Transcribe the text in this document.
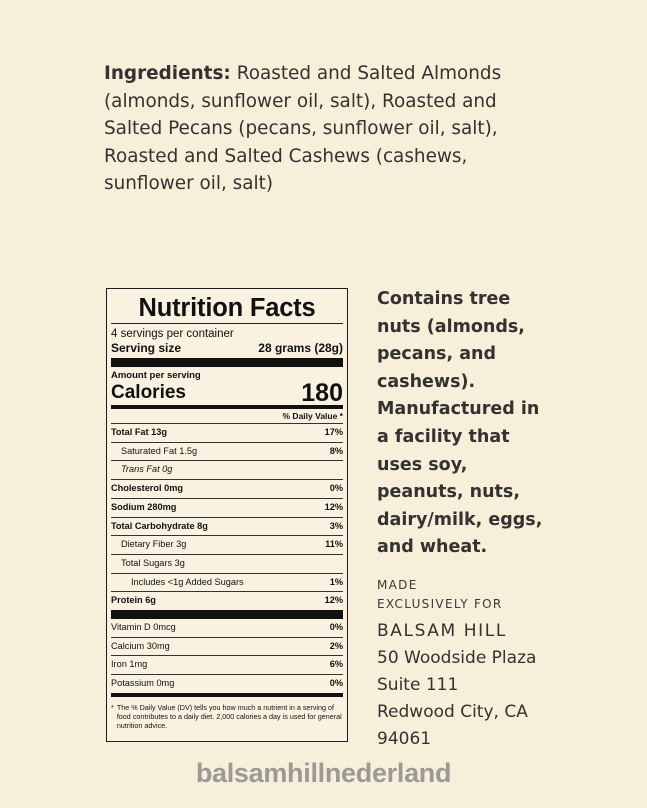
Ingredients: Roasted and Salted Almonds (almonds, sunflower oil, salt), Roasted and Salted Pecans (pecans, sunflower oil, salt), Roasted and Salted Cashews (cashews, sunflower oil, salt)
Nutrition Facts
4 servings per container
Serving size	28 grams (28g)
Amount per serving
Calories	180
% Daily Value *
Total Fat 13g	17%
Saturated Fat 1.5g	8%
Trans Fat 0g
Cholesterol 0mg	0%
Sodium 280mg	12%
Total Carbohydrate 8g	3%
Dietary Fiber 3g	11%
Total Sugars 3g
Includes <1g Added Sugars	1%
Protein 6g	12%
Vitamin D 0mcg	0%
Calcium 30mg	2%
Iron 1mg	6%
Potassium 0mg	0%
* The % Daily Value (DV) tells you how much a nutrient in a serving of food contributes to a daily diet. 2,000 calories a day is used for general nutrition advice.
Contains tree nuts (almonds, pecans, and cashews). Manufactured in a facility that uses soy, peanuts, nuts, dairy/milk, eggs, and wheat.
MADE
EXCLUSIVELY FOR
BALSAM HILL
50 Woodside Plaza
Suite 111
Redwood City, CA
94061
balsamhillnederland
